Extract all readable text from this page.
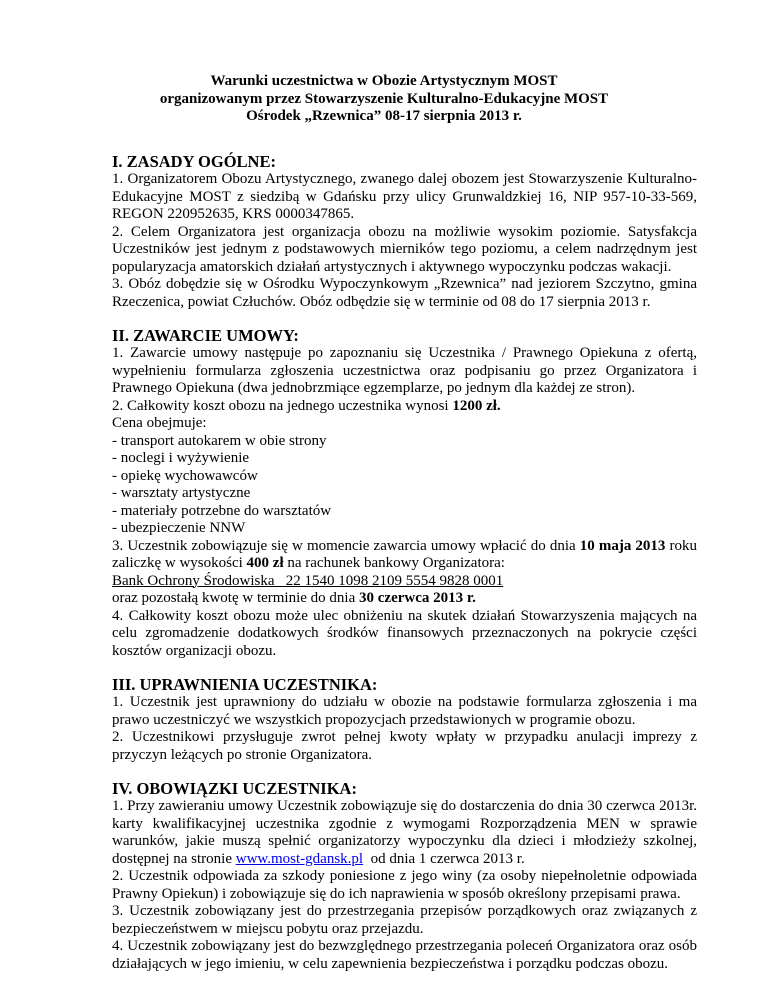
Warunki uczestnictwa w Obozie Artystycznym MOST
organizowanym przez Stowarzyszenie Kulturalno-Edukacyjne MOST
Ośrodek „Rzewnica” 08-17 sierpnia 2013 r.
I. ZASADY OGÓLNE:
1. Organizatorem Obozu Artystycznego, zwanego dalej obozem jest Stowarzyszenie Kulturalno-Edukacyjne MOST z siedzibą w Gdańsku przy ulicy Grunwaldzkiej 16, NIP 957-10-33-569, REGON 220952635, KRS 0000347865.
2. Celem Organizatora jest organizacja obozu na możliwie wysokim poziomie. Satysfakcja Uczestników jest jednym z podstawowych mierników tego poziomu, a celem nadrzędnym jest popularyzacja amatorskich działań artystycznych i aktywnego wypoczynku podczas wakacji.
3. Obóz dobędzie się w Ośrodku Wypoczynkowym „Rzewnica” nad jeziorem Szczytno, gmina Rzeczenica, powiat Człuchów. Obóz odbędzie się w terminie od 08 do 17 sierpnia 2013 r.
II. ZAWARCIE UMOWY:
1. Zawarcie umowy następuje po zapoznaniu się Uczestnika / Prawnego Opiekuna z ofertą, wypełnieniu formularza zgłoszenia uczestnictwa oraz podpisaniu go przez Organizatora i Prawnego Opiekuna (dwa jednobrzmiące egzemplarze, po jednym dla każdej ze stron).
2. Całkowity koszt obozu na jednego uczestnika wynosi 1200 zł.
Cena obejmuje:
- transport autokarem w obie strony
- noclegi i wyżywienie
- opiekę wychowawców
- warsztaty artystyczne
- materiały potrzebne do warsztatów
- ubezpieczenie NNW
3. Uczestnik zobowiązuje się w momencie zawarcia umowy wpłacić do dnia 10 maja 2013 roku zaliczkę w wysokości 400 zł na rachunek bankowy Organizatora:
Bank Ochrony Środowiska   22 1540 1098 2109 5554 9828 0001
oraz pozostałą kwotę w terminie do dnia 30 czerwca 2013 r.
4. Całkowity koszt obozu może ulec obniżeniu na skutek działań Stowarzyszenia mających na celu zgromadzenie dodatkowych środków finansowych przeznaczonych na pokrycie części kosztów organizacji obozu.
III. UPRAWNIENIA UCZESTNIKA:
1. Uczestnik jest uprawniony do udziału w obozie na podstawie formularza zgłoszenia i ma prawo uczestniczyć we wszystkich propozycjach przedstawionych w programie obozu.
2. Uczestnikowi przysługuje zwrot pełnej kwoty wpłaty w przypadku anulacji imprezy z przyczyn leżących po stronie Organizatora.
IV. OBOWIĄZKI UCZESTNIKA:
1. Przy zawieraniu umowy Uczestnik zobowiązuje się do dostarczenia do dnia 30 czerwca 2013r. karty kwalifikacyjnej uczestnika zgodnie z wymogami Rozporządzenia MEN w sprawie warunków, jakie muszą spełnić organizatorzy wypoczynku dla dzieci i młodzieży szkolnej, dostępnej na stronie www.most-gdansk.pl  od dnia 1 czerwca 2013 r.
2. Uczestnik odpowiada za szkody poniesione z jego winy (za osoby niepełnoletnie odpowiada Prawny Opiekun) i zobowiązuje się do ich naprawienia w sposób określony przepisami prawa.
3. Uczestnik zobowiązany jest do przestrzegania przepisów porządkowych oraz związanych z bezpieczeństwem w miejscu pobytu oraz przejazdu.
4. Uczestnik zobowiązany jest do bezwzględnego przestrzegania poleceń Organizatora oraz osób działających w jego imieniu, w celu zapewnienia bezpieczeństwa i porządku podczas obozu.
